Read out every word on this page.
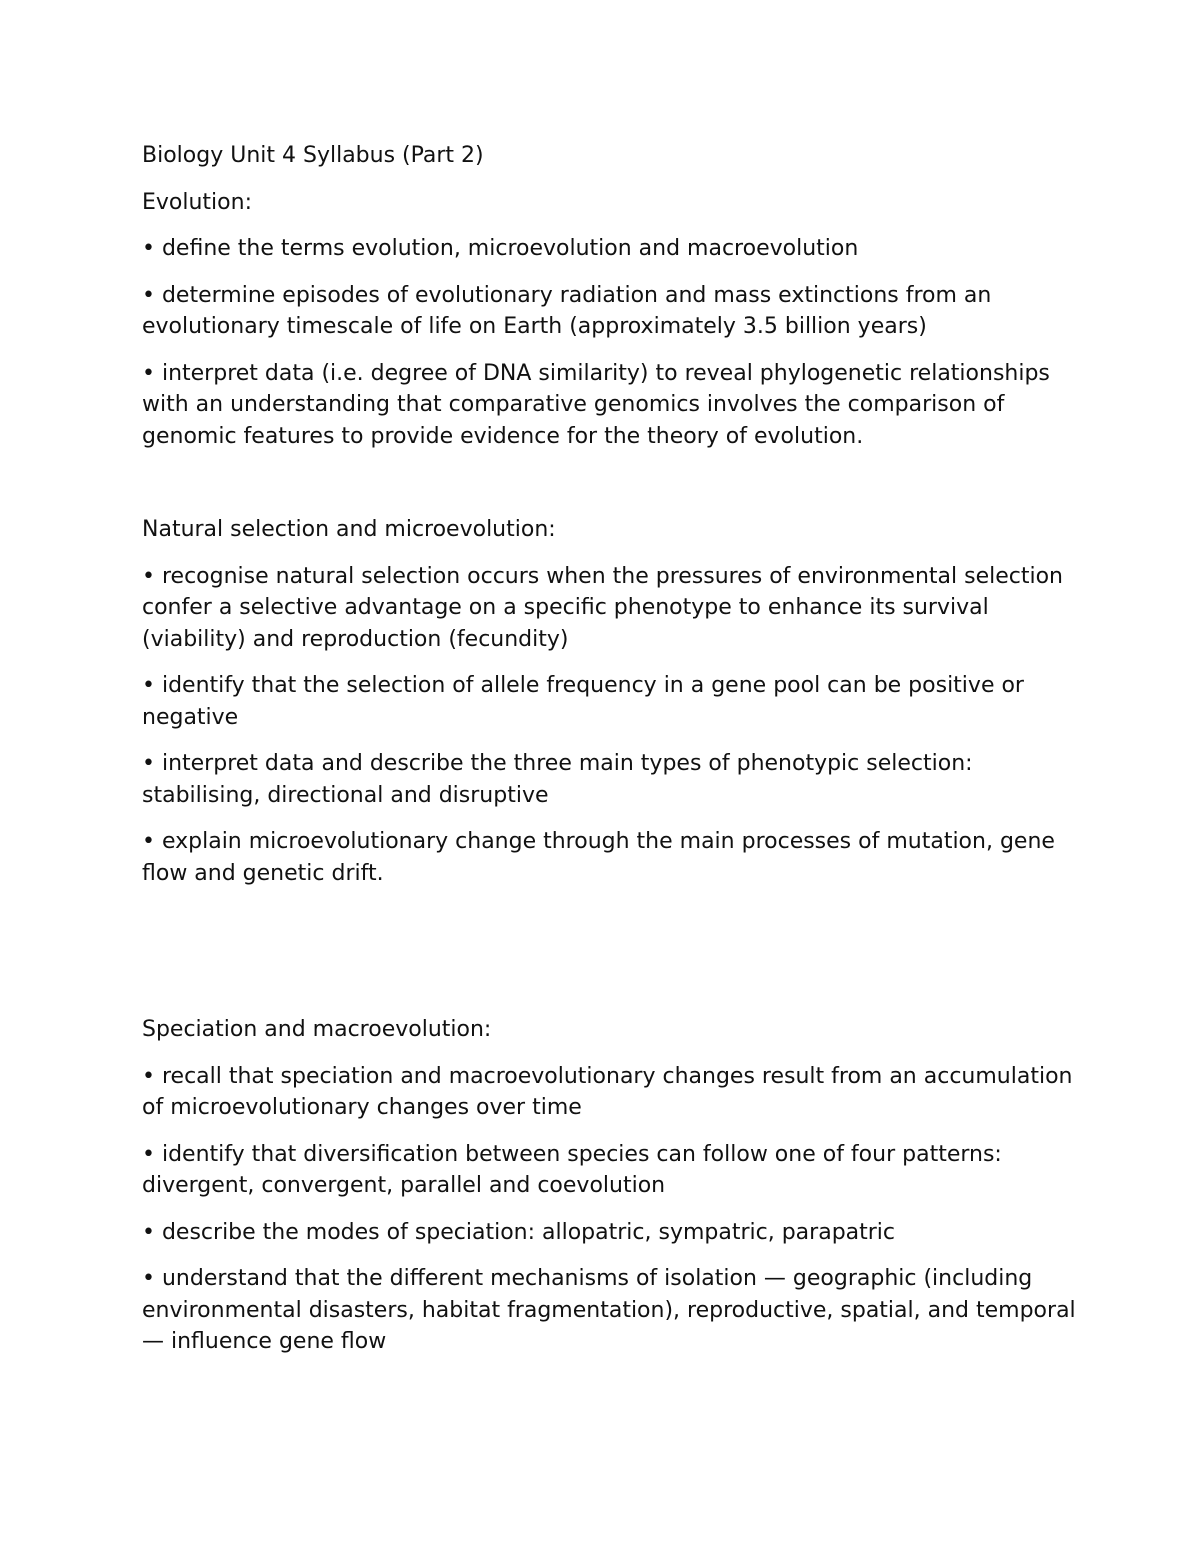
Biology Unit 4 Syllabus (Part 2)
Evolution:
• define the terms evolution, microevolution and macroevolution
• determine episodes of evolutionary radiation and mass extinctions from an evolutionary timescale of life on Earth (approximately 3.5 billion years)
• interpret data (i.e. degree of DNA similarity) to reveal phylogenetic relationships with an understanding that comparative genomics involves the comparison of genomic features to provide evidence for the theory of evolution.
Natural selection and microevolution:
• recognise natural selection occurs when the pressures of environmental selection confer a selective advantage on a specific phenotype to enhance its survival (viability) and reproduction (fecundity)
• identify that the selection of allele frequency in a gene pool can be positive or negative
• interpret data and describe the three main types of phenotypic selection: stabilising, directional and disruptive
• explain microevolutionary change through the main processes of mutation, gene flow and genetic drift.
Speciation and macroevolution:
• recall that speciation and macroevolutionary changes result from an accumulation of microevolutionary changes over time
• identify that diversification between species can follow one of four patterns: divergent, convergent, parallel and coevolution
• describe the modes of speciation: allopatric, sympatric, parapatric
• understand that the different mechanisms of isolation — geographic (including environmental disasters, habitat fragmentation), reproductive, spatial, and temporal — influence gene flow
